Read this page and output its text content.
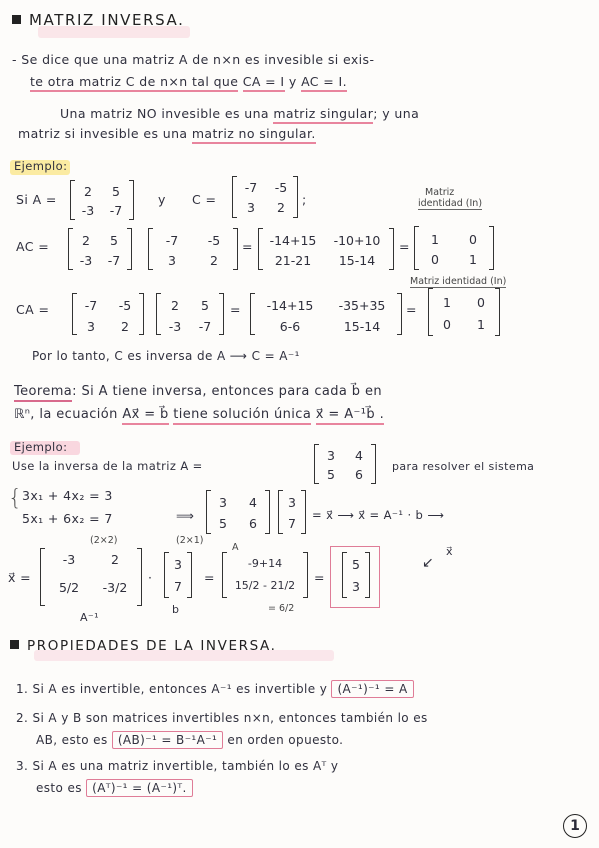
MATRIZ INVERSA.
- Se dice que una matriz A de n×n es invesible si exis-
te otra matriz C de n×n tal que CA = I y AC = I.
Una matriz NO invesible es una matriz singular; y una
matriz si invesible es una matriz no singular.
Ejemplo:
Si A =
2	5
-3	-7
y C =
-7	-5
3	2
;	Matriz
identidad (In)
AC =	2	5
-3	-7
-7	-5
3	2
=	-14+15	-10+10
21-21	15-14
=	1	0
0	1
Matriz identidad (In)
CA =	-7	-5
3	2
2	5
-3	-7
=	-14+15	-35+35
6-6	15-14
=	1	0
0	1
Por lo tanto, C es inversa de A ⟶ C = A⁻¹
Teorema: Si A tiene inversa, entonces para cada b⃗ en
ℝⁿ, la ecuación Ax⃗ = b⃗ tiene solución única x⃗ = A⁻¹b⃗ .
Ejemplo:
Use la inversa de la matriz A =
3	4
5	6
para resolver el sistema
{ 3x₁ + 4x₂ = 3
5x₁ + 6x₂ = 7	⟹
3	4
5	6
3
7
= x⃗ ⟶ x⃗ = A⁻¹ · b ⟶
(2×2)	(2×1)
x⃗ =
-3	2
5/2	-3/2
A⁻¹
·
3
7
b
=
A
-9+14
15/2 - 21/2
= 6/2
=
5
3
↙
x⃗
PROPIEDADES DE LA INVERSA.
1. Si A es invertible, entonces A⁻¹ es invertible y (A⁻¹)⁻¹ = A
2. Si A y B son matrices invertibles n×n, entonces también lo es
AB, esto es (AB)⁻¹ = B⁻¹A⁻¹ en orden opuesto.
3. Si A es una matriz invertible, también lo es Aᵀ y
esto es (Aᵀ)⁻¹ = (A⁻¹)ᵀ.
1
